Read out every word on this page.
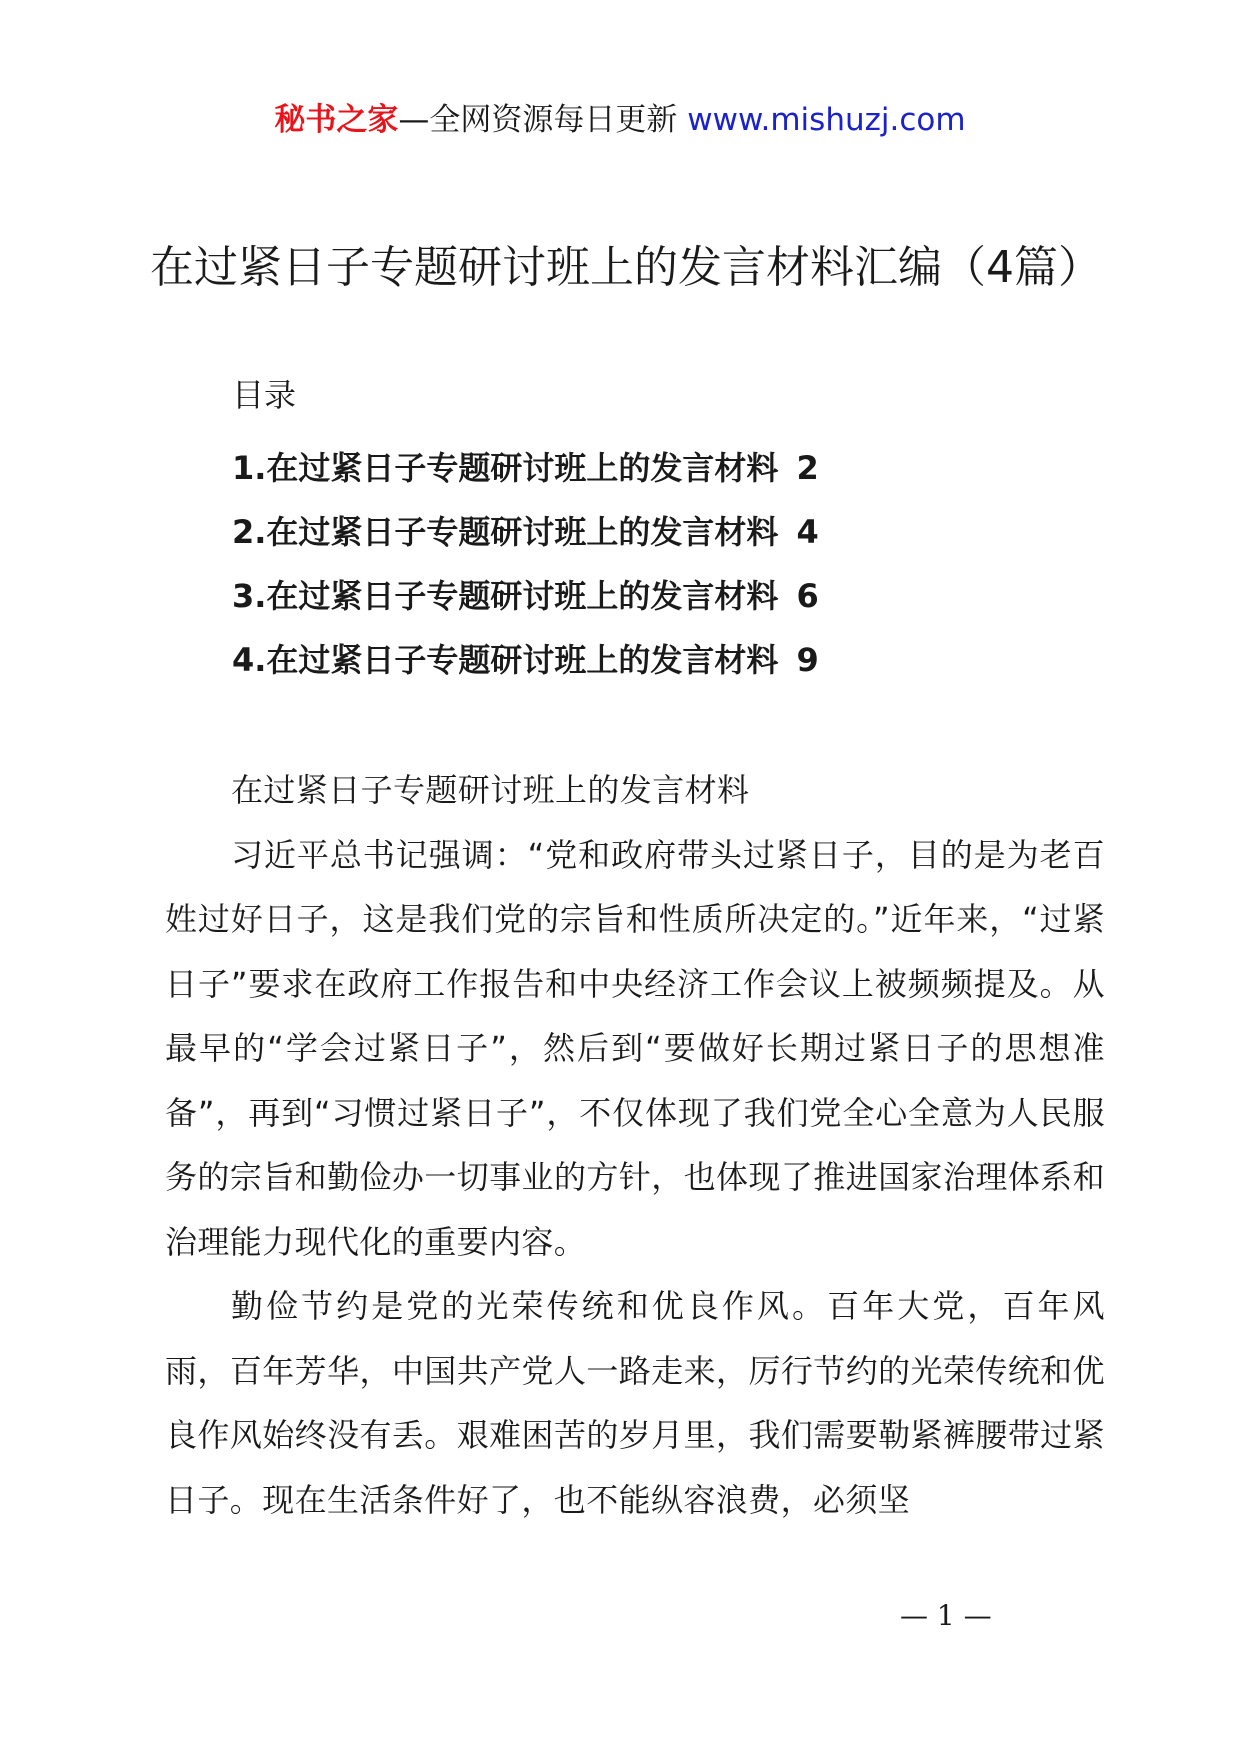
秘书之家—全网资源每日更新 www.mishuzj.com
在过紧日子专题研讨班上的发言材料汇编（4篇）
目录
1.在过紧日子专题研讨班上的发言材料 2
2.在过紧日子专题研讨班上的发言材料 4
3.在过紧日子专题研讨班上的发言材料 6
4.在过紧日子专题研讨班上的发言材料 9

在过紧日子专题研讨班上的发言材料

习近平总书记强调：“党和政府带头过紧日子，目的是为老百姓过好日子，这是我们党的宗旨和性质所决定的。”近年来，“过紧日子”要求在政府工作报告和中央经济工作会议上被频频提及。从最早的“学会过紧日子”，然后到“要做好长期过紧日子的思想准备”，再到“习惯过紧日子”，不仅体现了我们党全心全意为人民服务的宗旨和勤俭办一切事业的方针，也体现了推进国家治理体系和治理能力现代化的重要内容。

勤俭节约是党的光荣传统和优良作风。百年大党，百年风雨，百年芳华，中国共产党人一路走来，厉行节约的光荣传统和优良作风始终没有丢。艰难困苦的岁月里，我们需要勒紧裤腰带过紧日子。现在生活条件好了，也不能纵容浪费，必须坚

— 1 —
